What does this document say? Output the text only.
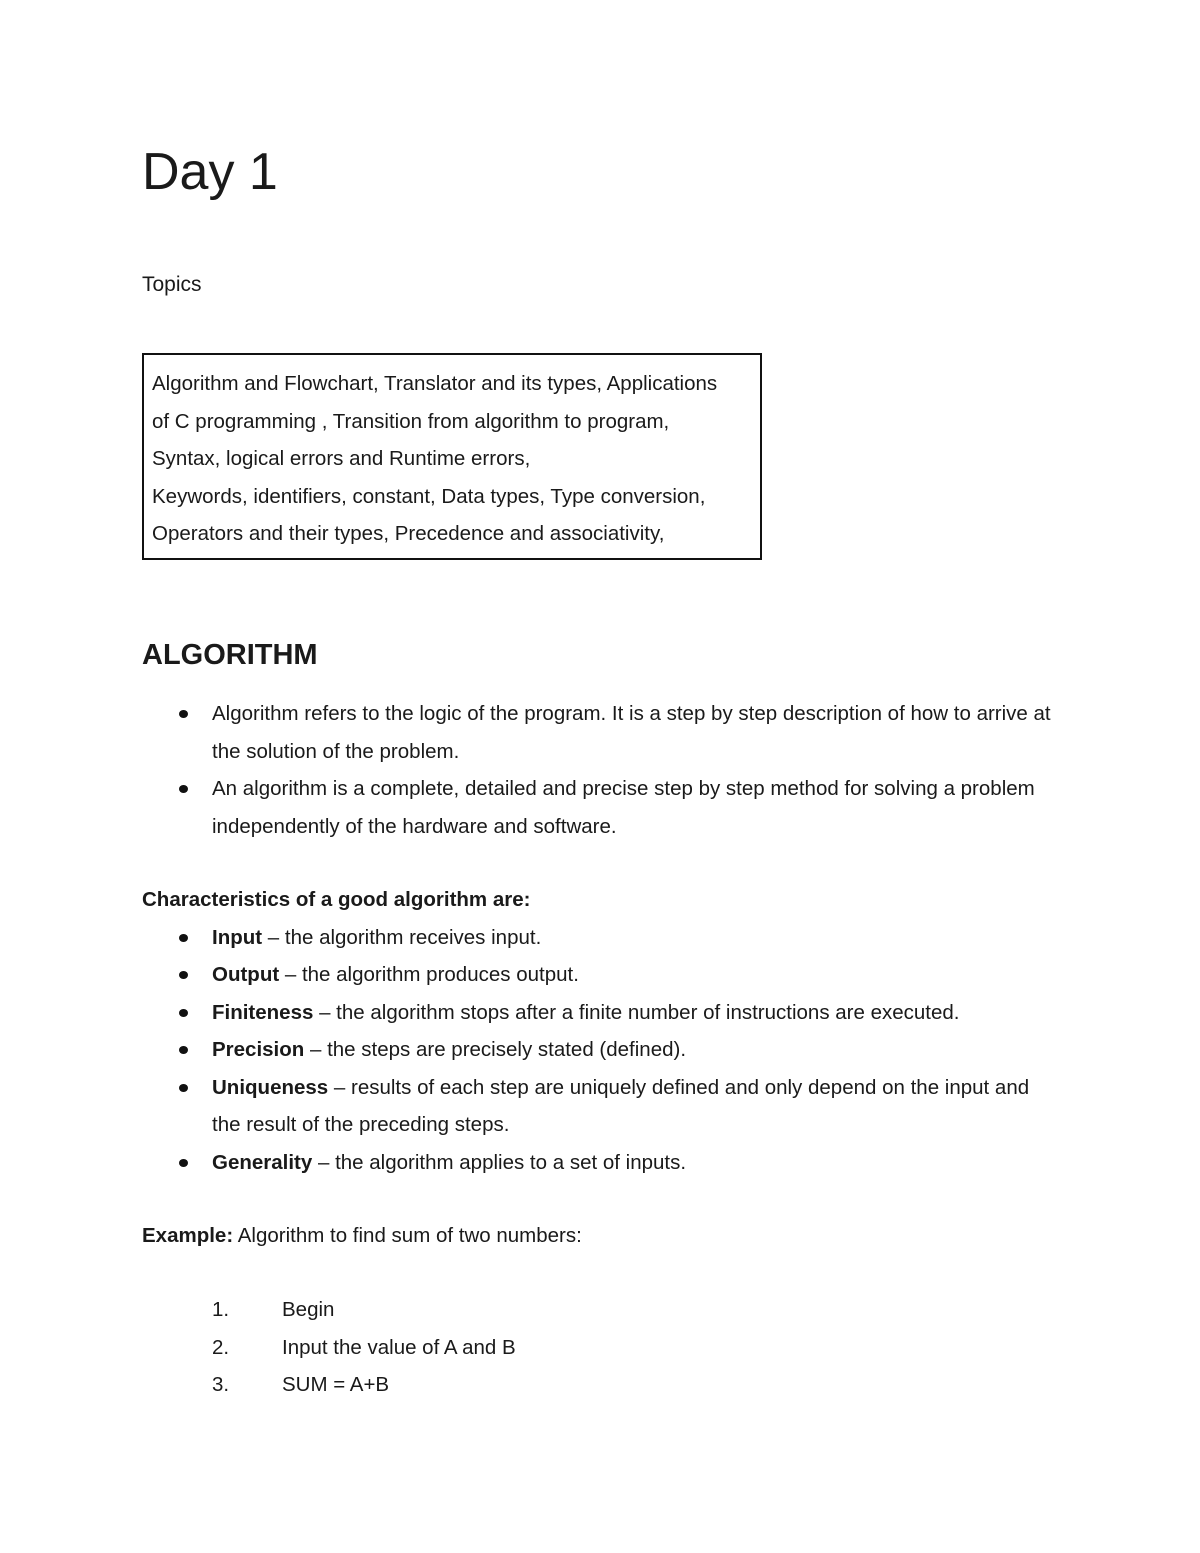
Day 1
Topics
Algorithm and Flowchart, Translator and its types, Applications
of C programming , Transition from algorithm to program,
Syntax, logical errors and Runtime errors,
Keywords, identifiers, constant, Data types, Type conversion,
Operators and their types, Precedence and associativity,
ALGORITHM
Algorithm refers to the logic of the program. It is a step by step description of how to arrive at the solution of the problem.
An algorithm is a complete, detailed and precise step by step method for solving a problem independently of the hardware and software.
Characteristics of a good algorithm are:
Input – the algorithm receives input.
Output – the algorithm produces output.
Finiteness – the algorithm stops after a finite number of instructions are executed.
Precision – the steps are precisely stated (defined).
Uniqueness – results of each step are uniquely defined and only depend on the input and the result of the preceding steps.
Generality – the algorithm applies to a set of inputs.
Example: Algorithm to find sum of two numbers:
1.	Begin
2.	Input the value of A and B
3.	SUM = A+B
